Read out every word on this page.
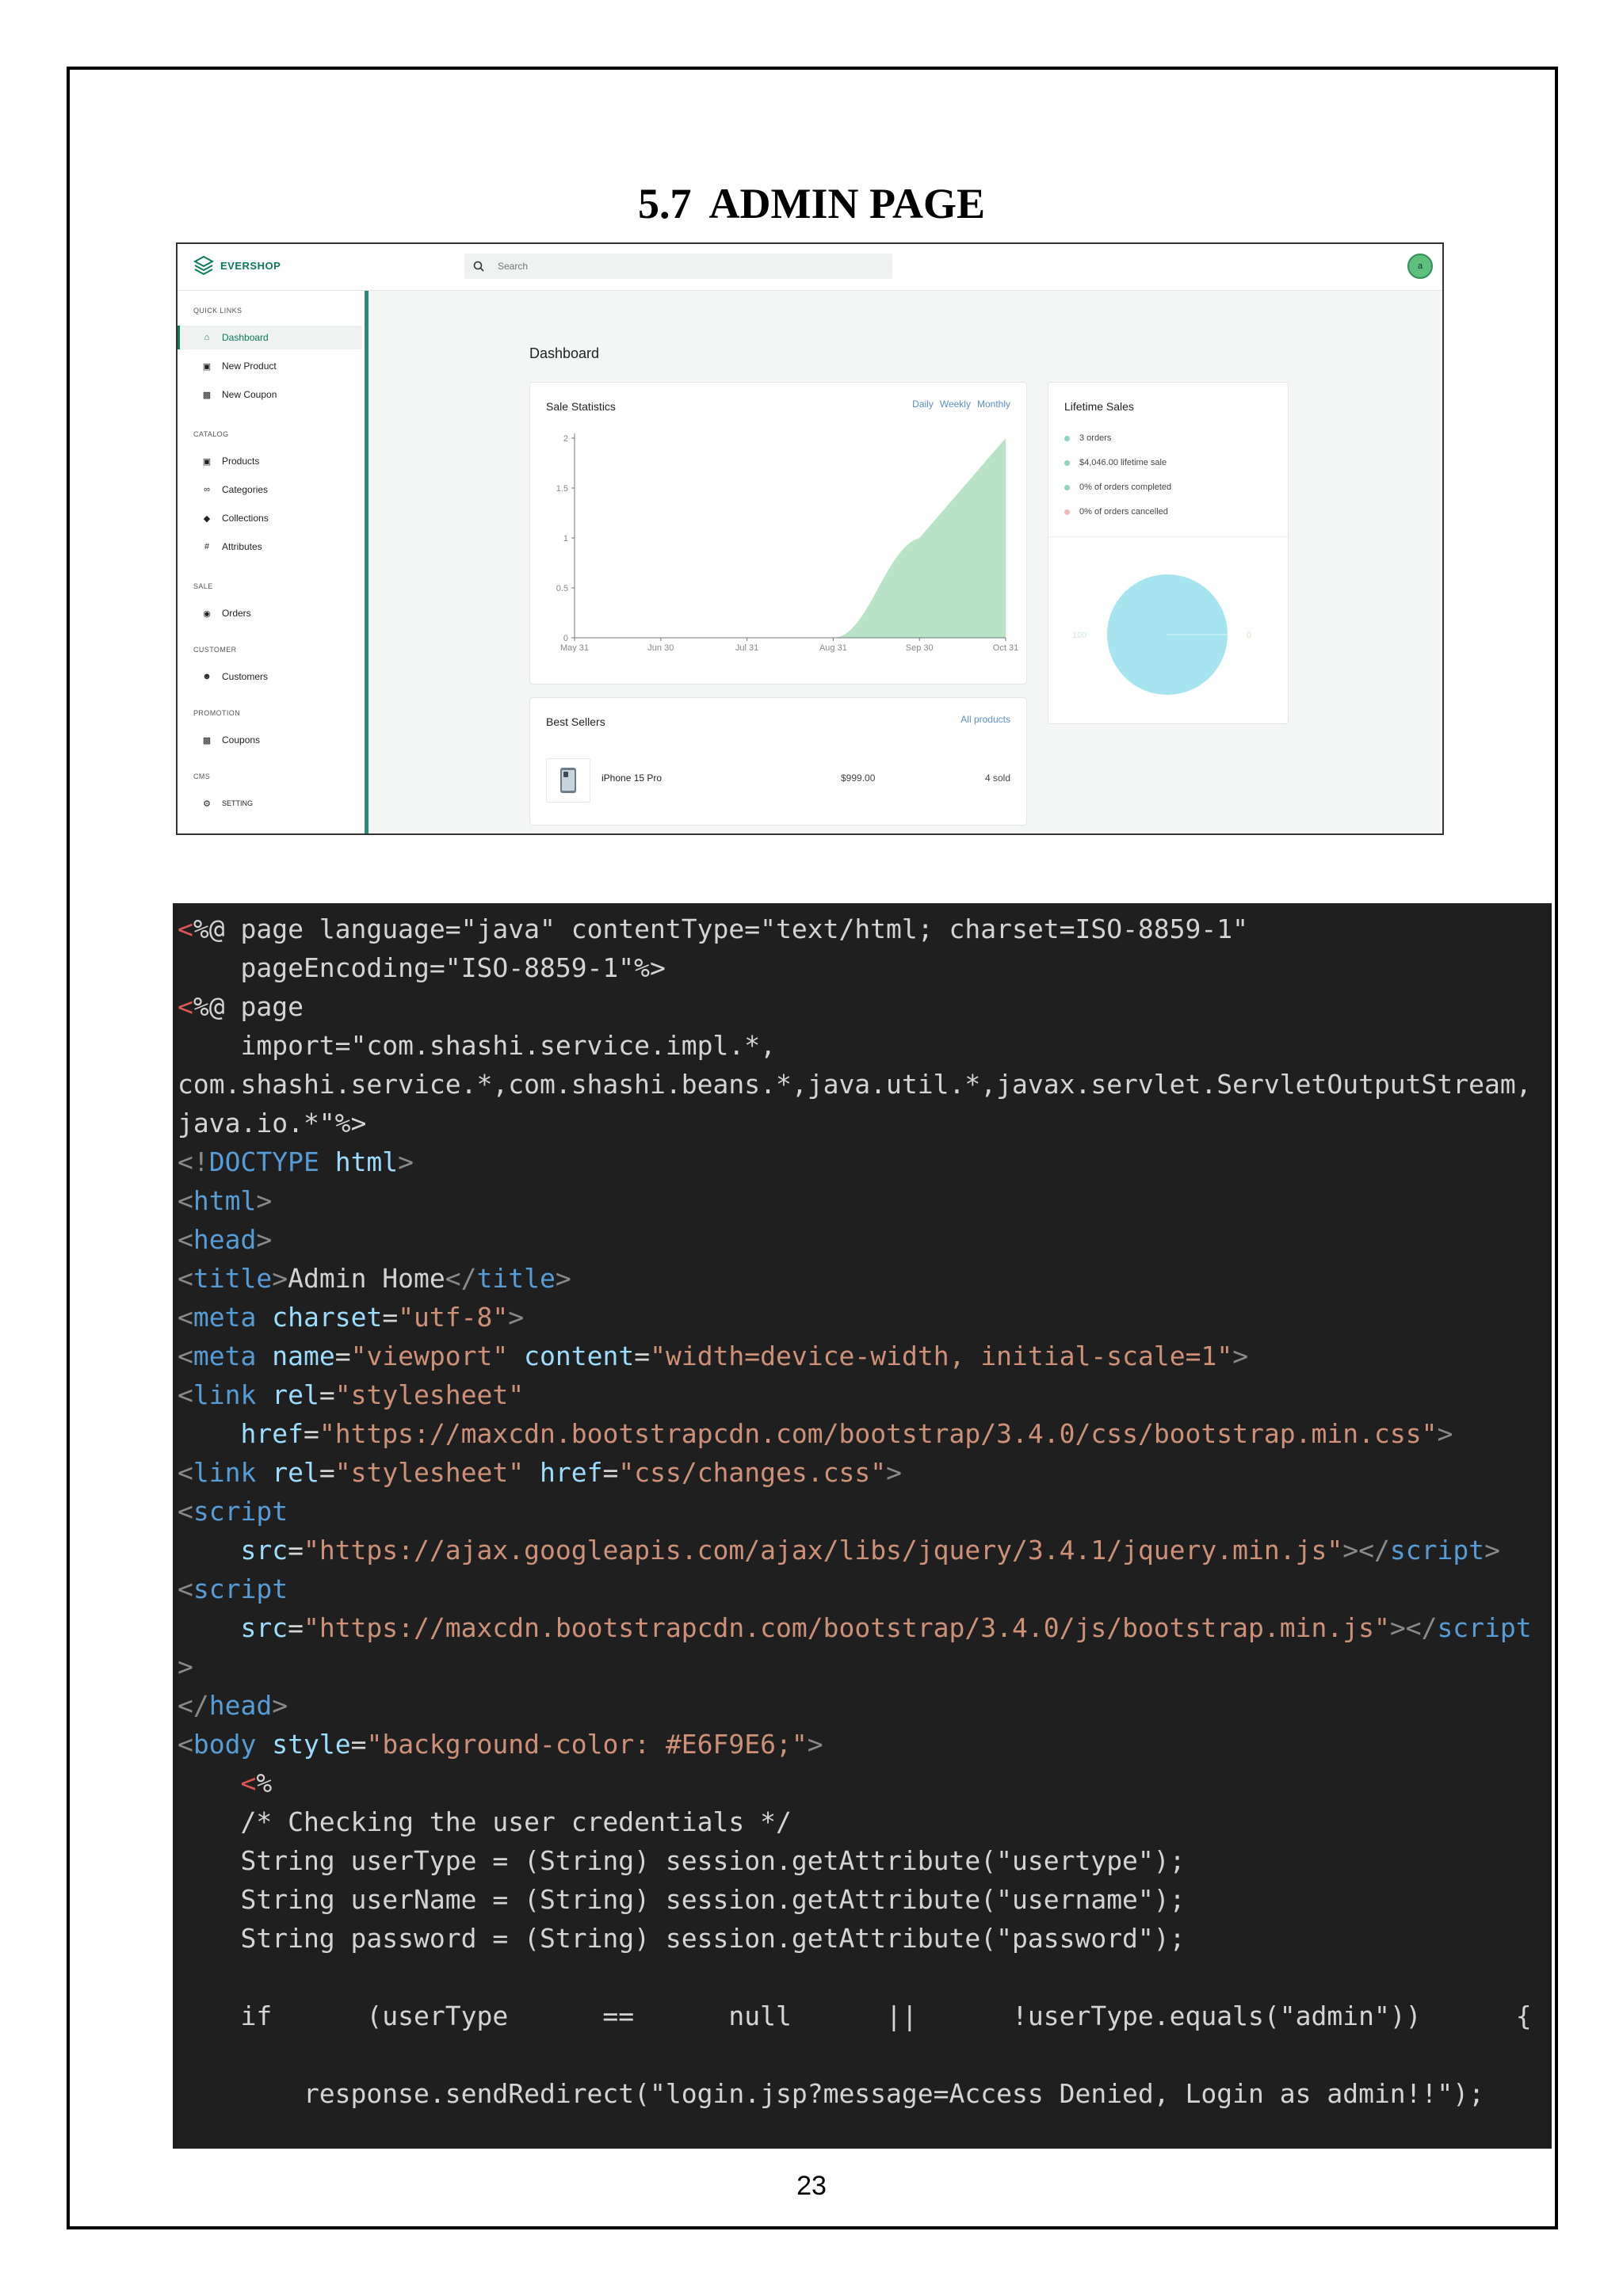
5.7 ADMIN PAGE
EVERSHOP
Search	a
QUICK LINKS
⌂	Dashboard
▣ New Product
▩ New Coupon
CATALOG
▣ Products
∞ Categories
◆ Collections
#	Attributes
SALE
◉ Orders
CUSTOMER
☻ Customers
PROMOTION
▩ Coupons
CMS
⚙ SETTING
Dashboard
Sale Statistics	Daily Weekly Monthly
0
0.5
1
1.5
2
May 31	Jun 30	Jul 31	Aug 31	Sep 30	Oct 31
Lifetime Sales
3 orders
$4,046.00 lifetime sale
0% of orders completed
0% of orders cancelled
100	0
Best Sellers	All products
iPhone 15 Pro	$999.00	4 sold
<%@ page language="java" contentType="text/html; charset=ISO-8859-1"
pageEncoding="ISO-8859-1"%>
<%@ page
import="com.shashi.service.impl.*,
com.shashi.service.*,com.shashi.beans.*,java.util.*,javax.servlet.ServletOutputStream,
java.io.*"%>
<!DOCTYPE html>
<html>
<head>
<title>Admin Home</title>
<meta charset="utf-8">
<meta name="viewport" content="width=device-width, initial-scale=1">
<link rel="stylesheet"
href="https://maxcdn.bootstrapcdn.com/bootstrap/3.4.0/css/bootstrap.min.css">
<link rel="stylesheet" href="css/changes.css">
<script
src="https://ajax.googleapis.com/ajax/libs/jquery/3.4.1/jquery.min.js"></script>
<script
src="https://maxcdn.bootstrapcdn.com/bootstrap/3.4.0/js/bootstrap.min.js"></script
>
</head>
<body style="background-color: #E6F9E6;">
<%
/* Checking the user credentials */
String userType = (String) session.getAttribute("usertype");
String userName = (String) session.getAttribute("username");
String password = (String) session.getAttribute("password");
if      (userType      ==      null      ||      !userType.equals("admin"))      {
response.sendRedirect("login.jsp?message=Access Denied, Login as admin!!");
23
